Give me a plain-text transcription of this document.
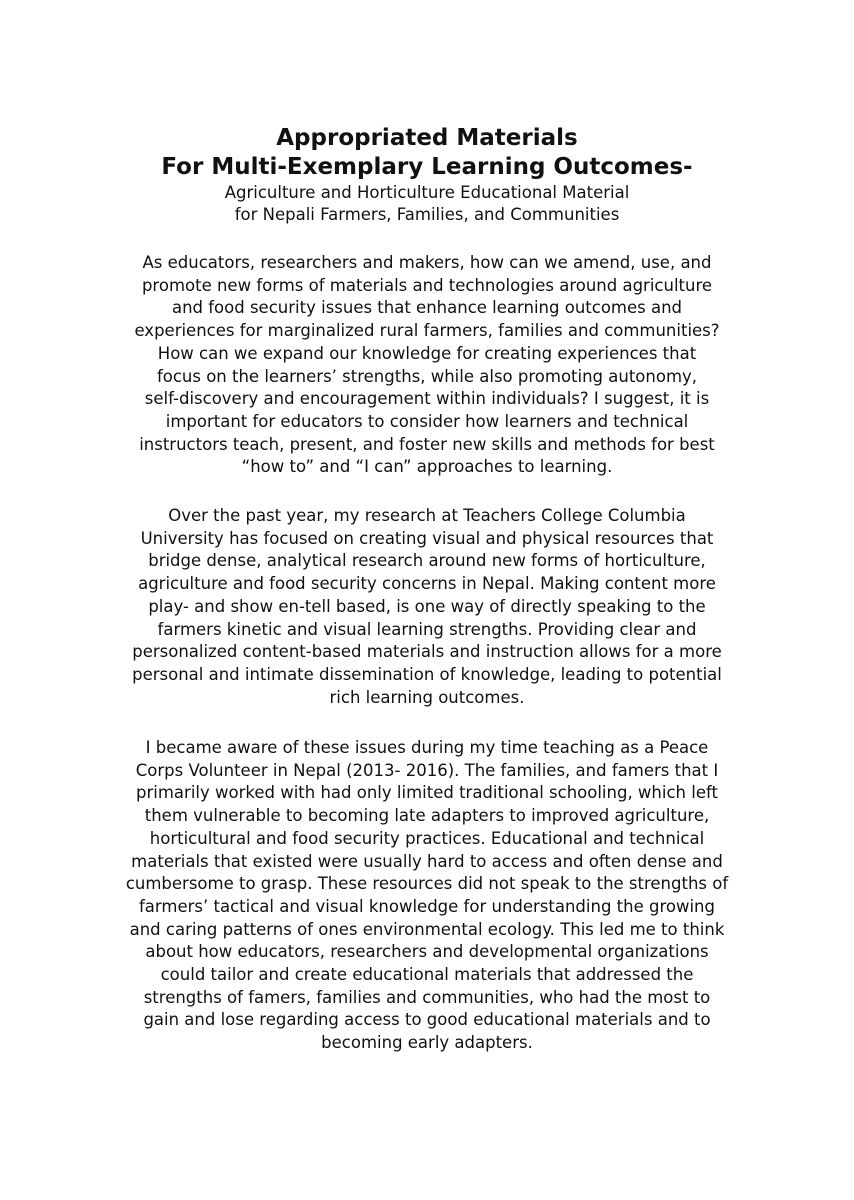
Appropriated Materials
For Multi-Exemplary Learning Outcomes-
Agriculture and Horticulture Educational Material
for Nepali Farmers, Families, and Communities
As educators, researchers and makers, how can we amend, use, and
promote new forms of materials and technologies around agriculture
and food security issues that enhance learning outcomes and
experiences for marginalized rural farmers, families and communities?
How can we expand our knowledge for creating experiences that
focus on the learners’ strengths, while also promoting autonomy,
self-discovery and encouragement within individuals? I suggest, it is
important for educators to consider how learners and technical
instructors teach, present, and foster new skills and methods for best
“how to” and “I can” approaches to learning.
Over the past year, my research at Teachers College Columbia
University has focused on creating visual and physical resources that
bridge dense, analytical research around new forms of horticulture,
agriculture and food security concerns in Nepal. Making content more
play- and show en-tell based, is one way of directly speaking to the
farmers kinetic and visual learning strengths. Providing clear and
personalized content-based materials and instruction allows for a more
personal and intimate dissemination of knowledge, leading to potential
rich learning outcomes.
I became aware of these issues during my time teaching as a Peace
Corps Volunteer in Nepal (2013- 2016). The families, and famers that I
primarily worked with had only limited traditional schooling, which left
them vulnerable to becoming late adapters to improved agriculture,
horticultural and food security practices. Educational and technical
materials that existed were usually hard to access and often dense and
cumbersome to grasp. These resources did not speak to the strengths of
farmers’ tactical and visual knowledge for understanding the growing
and caring patterns of ones environmental ecology. This led me to think
about how educators, researchers and developmental organizations
could tailor and create educational materials that addressed the
strengths of famers, families and communities, who had the most to
gain and lose regarding access to good educational materials and to
becoming early adapters.
